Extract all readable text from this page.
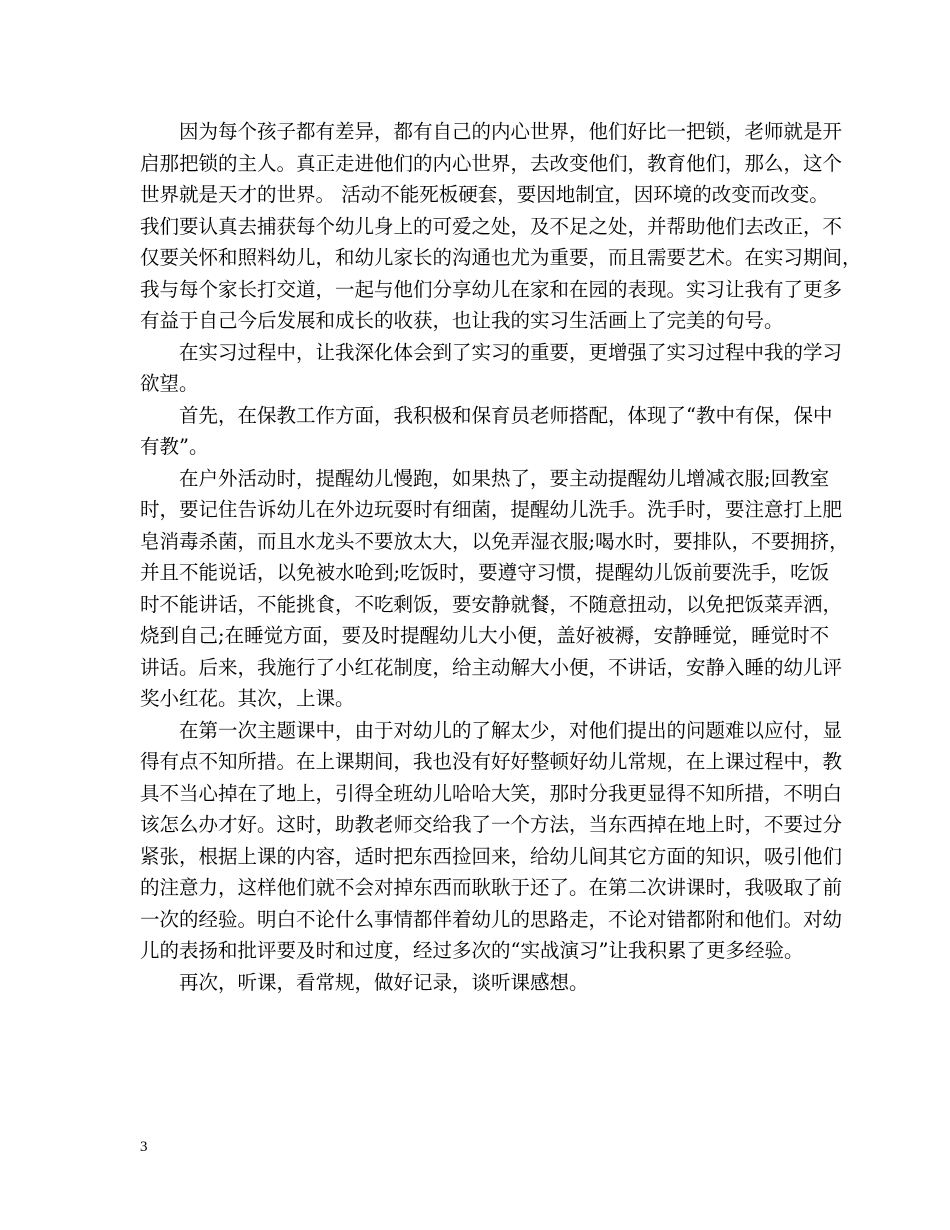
因为每个孩子都有差异，都有自己的内心世界，他们好比一把锁，老师就是开
启那把锁的主人。真正走进他们的内心世界，去改变他们，教育他们，那么，这个
世界就是天才的世界。 活动不能死板硬套，要因地制宜，因环境的改变而改变。
我们要认真去捕获每个幼儿身上的可爱之处，及不足之处，并帮助他们去改正，不
仅要关怀和照料幼儿，和幼儿家长的沟通也尤为重要，而且需要艺术。在实习期间，
我与每个家长打交道，一起与他们分享幼儿在家和在园的表现。实习让我有了更多
有益于自己今后发展和成长的收获，也让我的实习生活画上了完美的句号。
在实习过程中，让我深化体会到了实习的重要，更增强了实习过程中我的学习
欲望。
首先，在保教工作方面，我积极和保育员老师搭配，体现了“教中有保，保中
有教”。
在户外活动时，提醒幼儿慢跑，如果热了，要主动提醒幼儿增减衣服;回教室
时，要记住告诉幼儿在外边玩耍时有细菌，提醒幼儿洗手。洗手时，要注意打上肥
皂消毒杀菌，而且水龙头不要放太大，以免弄湿衣服;喝水时，要排队，不要拥挤，
并且不能说话，以免被水呛到;吃饭时，要遵守习惯，提醒幼儿饭前要洗手，吃饭
时不能讲话，不能挑食，不吃剩饭，要安静就餐，不随意扭动，以免把饭菜弄洒，
烧到自己;在睡觉方面，要及时提醒幼儿大小便，盖好被褥，安静睡觉，睡觉时不
讲话。后来，我施行了小红花制度，给主动解大小便，不讲话，安静入睡的幼儿评
奖小红花。其次，上课。
在第一次主题课中，由于对幼儿的了解太少，对他们提出的问题难以应付，显
得有点不知所措。在上课期间，我也没有好好整顿好幼儿常规，在上课过程中，教
具不当心掉在了地上，引得全班幼儿哈哈大笑，那时分我更显得不知所措，不明白
该怎么办才好。这时，助教老师交给我了一个方法，当东西掉在地上时，不要过分
紧张，根据上课的内容，适时把东西捡回来，给幼儿间其它方面的知识，吸引他们
的注意力，这样他们就不会对掉东西而耿耿于还了。在第二次讲课时，我吸取了前
一次的经验。明白不论什么事情都伴着幼儿的思路走，不论对错都附和他们。对幼
儿的表扬和批评要及时和过度，经过多次的“实战演习”让我积累了更多经验。
再次，听课，看常规，做好记录，谈听课感想。
3
